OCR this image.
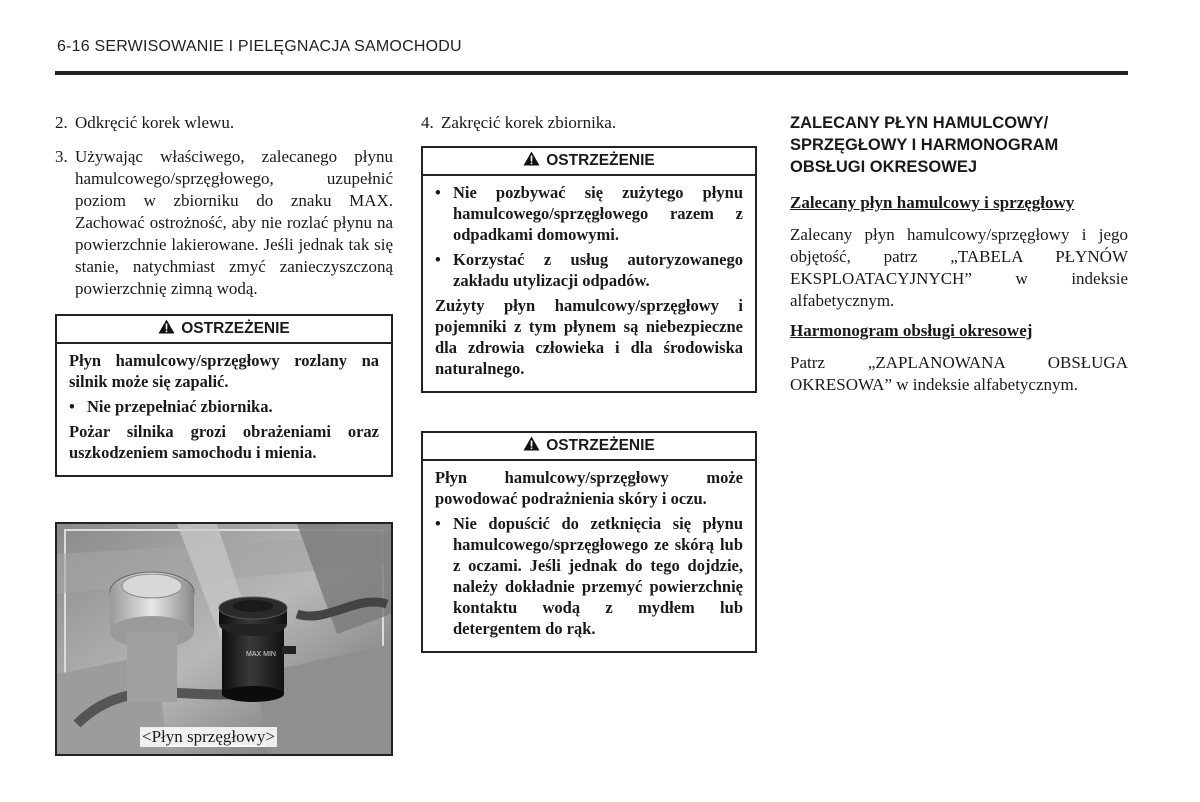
6-16 SERWISOWANIE I PIELĘGNACJA SAMOCHODU
2. Odkręcić korek wlewu.
3. Używając właściwego, zalecanego płynu hamulcowego/sprzęgłowego, uzupełnić poziom w zbiorniku do znaku MAX. Zachować ostrożność, aby nie rozlać płynu na powierzchnie lakierowane. Jeśli jednak tak się stanie, natychmiast zmyć zanieczyszczoną powierzchnię zimną wodą.
OSTRZEŻENIE

Płyn hamulcowy/sprzęgłowy rozlany na silnik może się zapalić.

• Nie przepełniać zbiornika.

Pożar silnika grozi obrażeniami oraz uszkodzeniem samochodu i mienia.

MAX MIN
<Płyn sprzęgłowy>
4. Zakręcić korek zbiornika.
OSTRZEŻENIE
• Nie pozbywać się zużytego płynu hamulcowego/sprzęgłowego razem z odpadkami domowymi.
• Korzystać z usług autoryzowanego zakładu utylizacji odpadów.

Zużyty płyn hamulcowy/sprzęgłowy i pojemniki z tym płynem są niebezpieczne dla zdrowia człowieka i dla środowiska naturalnego.

OSTRZEŻENIE

Płyn hamulcowy/sprzęgłowy może powodować podrażnienia skóry i oczu.

• Nie dopuścić do zetknięcia się płynu hamulcowego/sprzęgłowego ze skórą lub z oczami. Jeśli jednak do tego dojdzie, należy dokładnie przemyć powierzchnię kontaktu wodą z mydłem lub detergentem do rąk.
ZALECANY PŁYN HAMULCOWY/ SPRZĘGŁOWY I HARMONOGRAM OBSŁUGI OKRESOWEJ
Zalecany płyn hamulcowy i sprzęgłowy

Zalecany płyn hamulcowy/sprzęgłowy i jego objętość, patrz „TABELA PŁYNÓW EKSPLOATACYJNYCH” w indeksie alfabetycznym.

Harmonogram obsługi okresowej

Patrz „ZAPLANOWANA OBSŁUGA OKRESOWA” w indeksie alfabetycznym.
